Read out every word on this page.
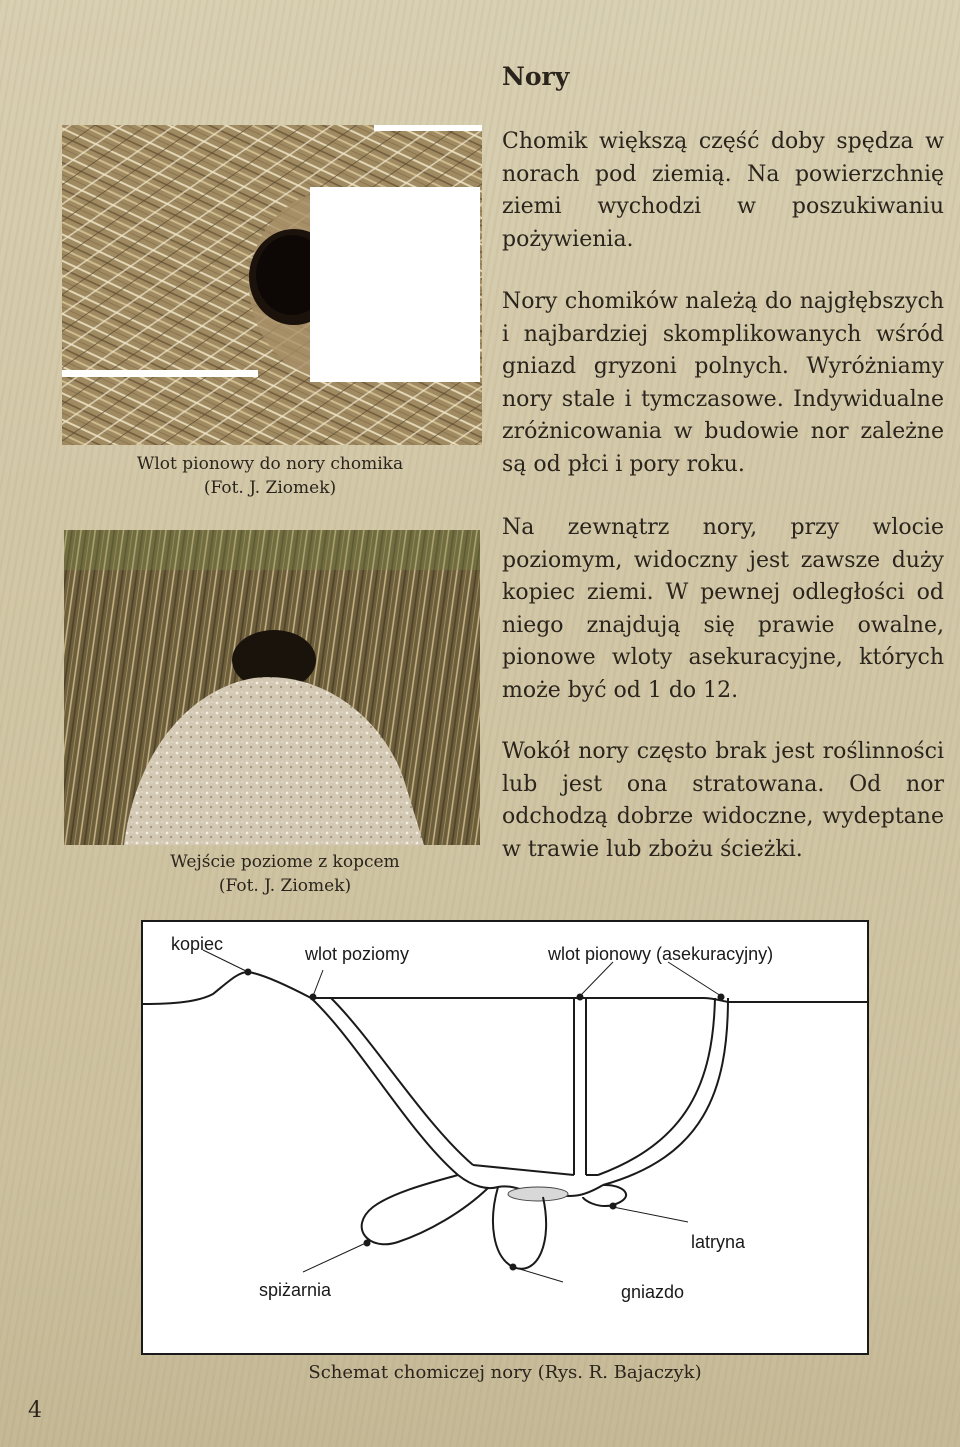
Nory
Chomik większą część doby spędza w norach pod ziemią. Na powierzchnię ziemi wychodzi w poszukiwaniu pożywienia.
Nory chomików należą do najgłębszych i najbardziej skomplikowanych wśród gniazd gryzoni polnych. Wyróżniamy nory stale i tymczasowe. Indywidualne zróżnicowania w budowie nor zależne są od płci i pory roku.
Na zewnątrz nory, przy wlocie poziomym, widoczny jest zawsze duży kopiec ziemi. W pewnej odległości od niego znajdują się prawie owalne, pionowe wloty asekuracyjne, których może być od 1 do 12.
Wokół nory często brak jest roślinności lub jest ona stratowana. Od nor odchodzą dobrze widoczne, wydeptane w trawie lub zbożu ścieżki.
Wlot pionowy do nory chomika
(Fot. J. Ziomek)
Wejście poziome z kopcem
(Fot. J. Ziomek)
kopiec	wlot poziomy	wlot pionowy (asekuracyjny)
latryna
spiżarnia	gniazdo
Schemat chomiczej nory (Rys. R. Bajaczyk)
4
